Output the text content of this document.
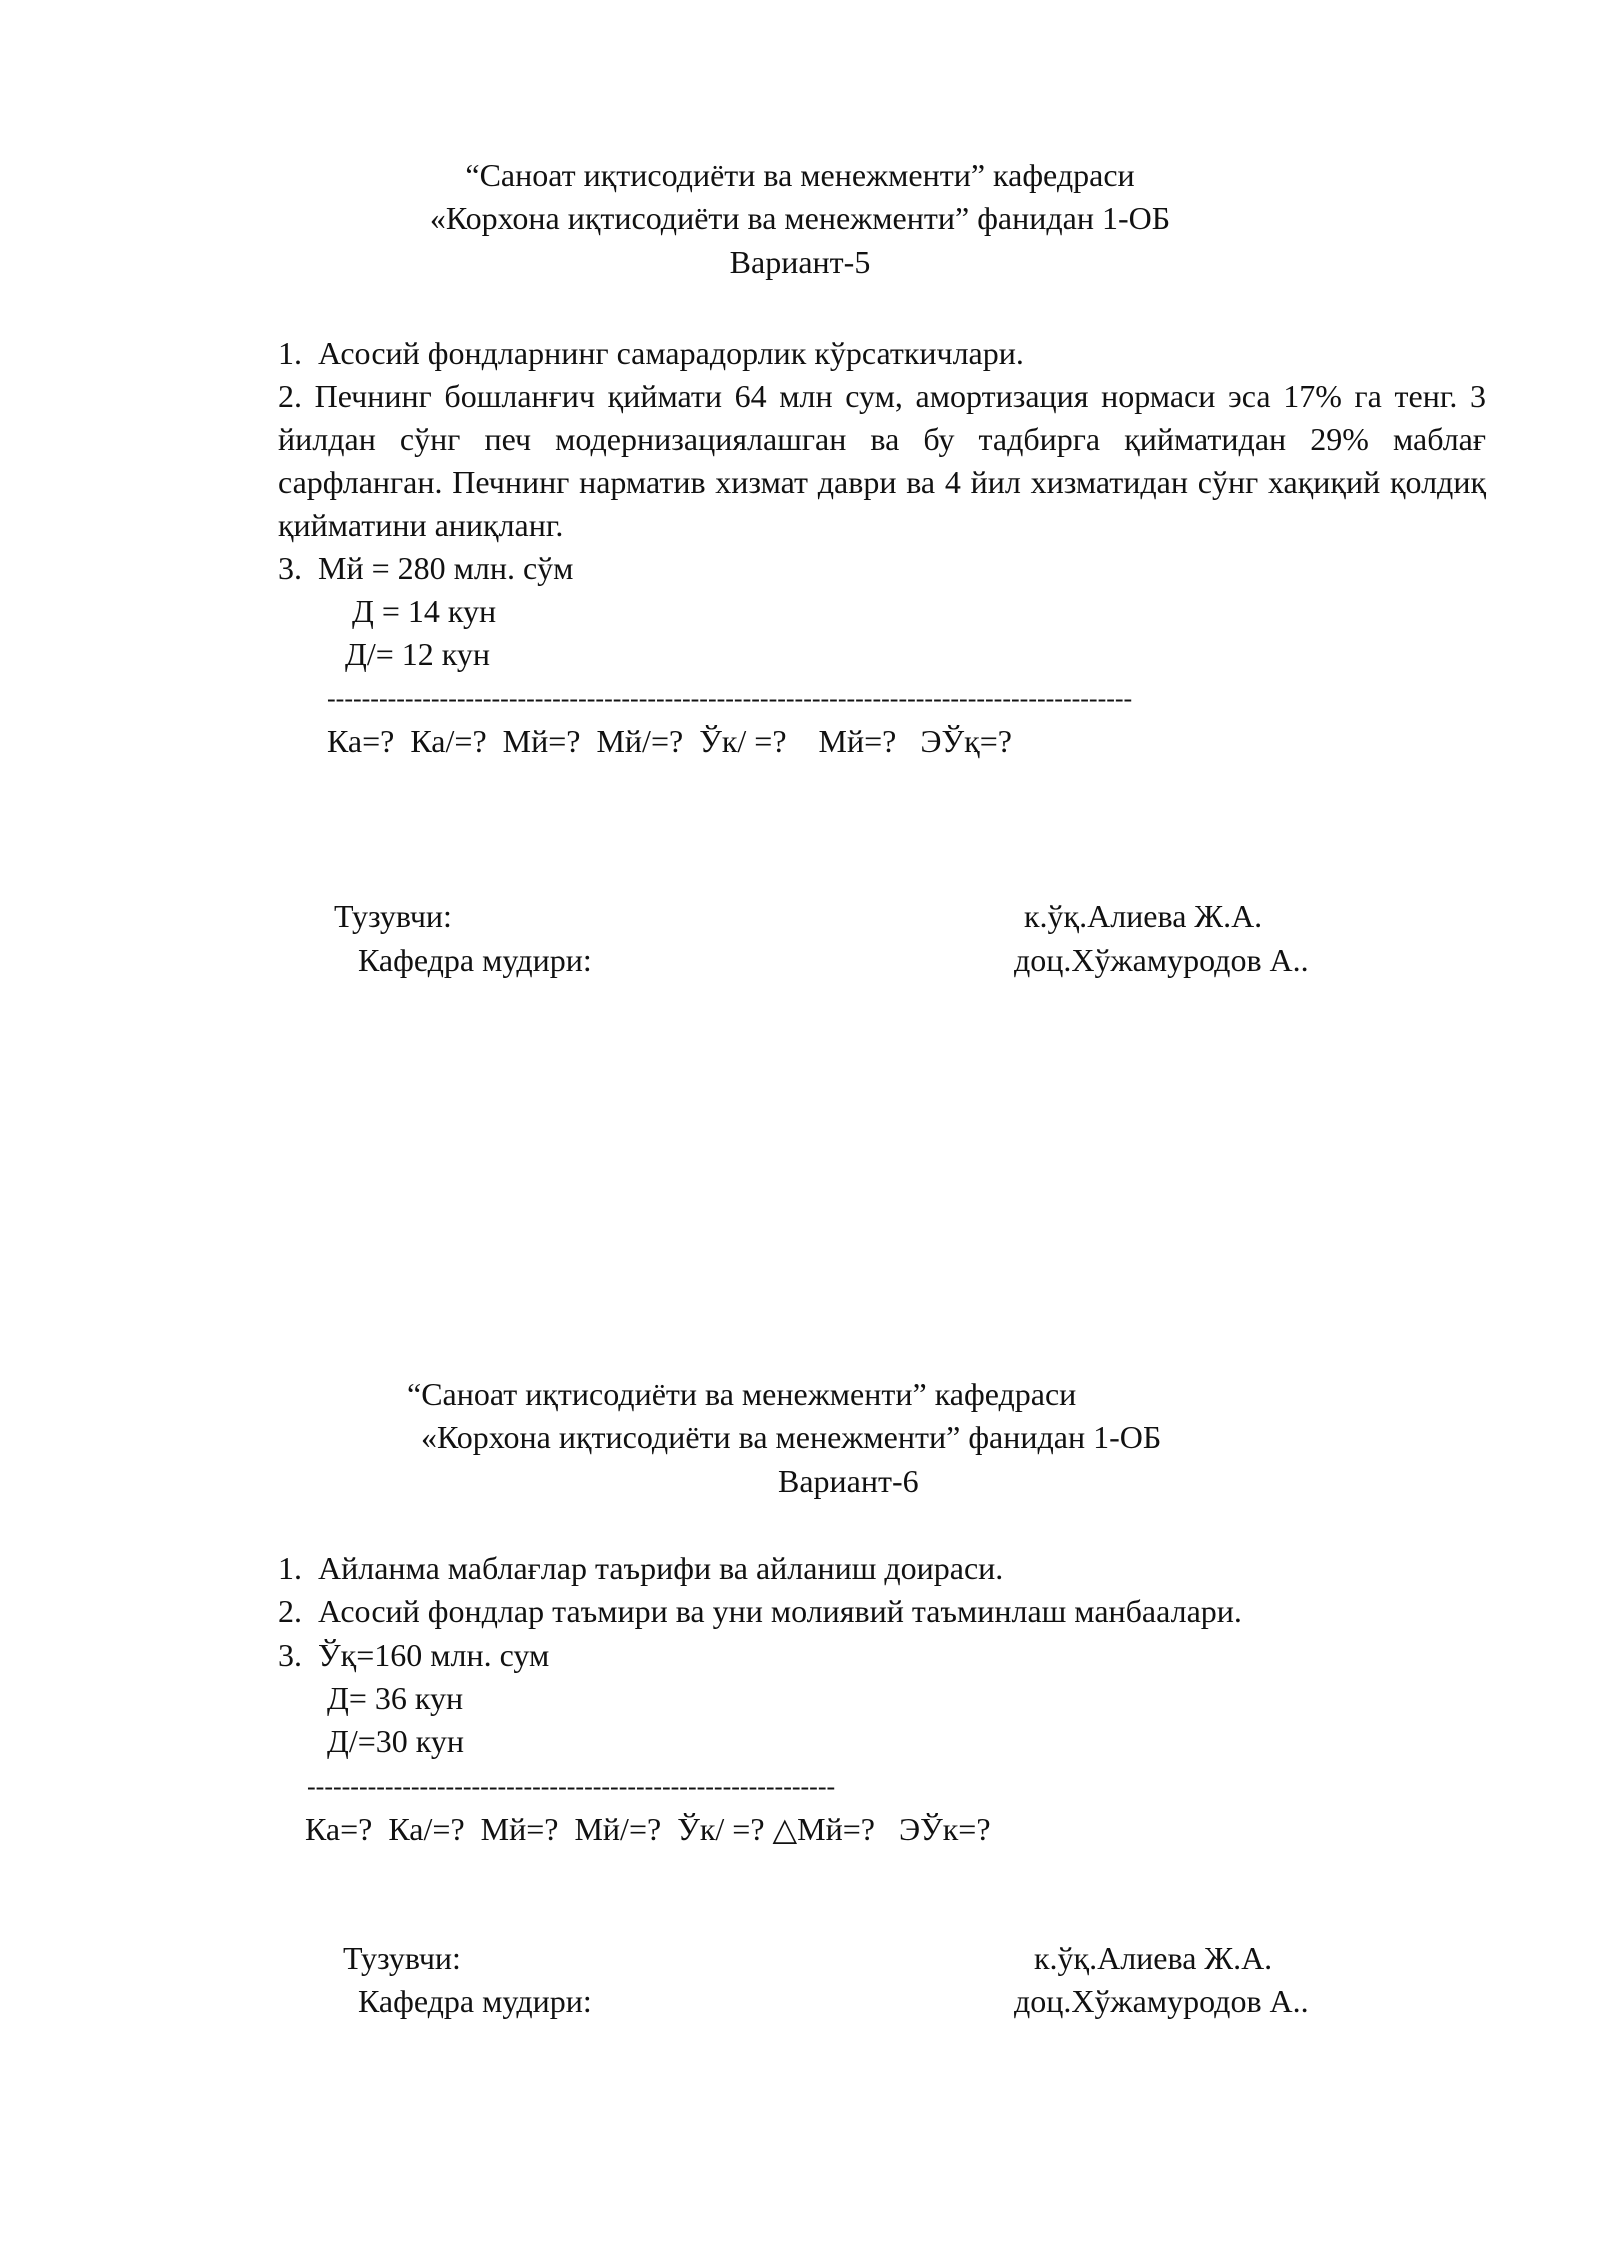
“Саноат иқтисодиёти ва менежменти” кафедраси
«Корхона иқтисодиёти ва менежменти” фанидан 1-ОБ
Вариант-5
1.  Асосий фондларнинг самарадорлик кўрсаткичлари.
2. Печнинг бошланғич қиймати 64 млн сум, амортизация нормаси эса 17% га тенг. 3 йилдан сўнг печ модернизациялашган ва бу тадбирга қийматидан 29% маблағ сарфланган. Печнинг нарматив хизмат даври ва 4 йил хизматидан сўнг хақиқий қолдиқ қийматини аниқланг.
3.  Мй = 280 млн. сўм
Д = 14 кун
Д/= 12 кун
---------------------------------------------------------------------------------------------
Ка=?  Ка/=?  Мй=?  Мй/=?  Ўк/ =?    Мй=?   ЭЎқ=?
Тузувчи:	к.ўқ.Алиева Ж.А.
Кафедра мудири:	доц.Хўжамуродов А..
“Саноат иқтисодиёти ва менежменти” кафедраси
«Корхона иқтисодиёти ва менежменти” фанидан 1-ОБ
Вариант-6
1.  Айланма маблағлар таърифи ва айланиш доираси.
2.  Асосий фондлар таъмири ва уни молиявий таъминлаш манбаалари.
3.  Ўқ=160 млн. сум
Д= 36 кун
Д/=30 кун
-------------------------------------------------------------
Ка=?  Ка/=?  Мй=?  Мй/=?  Ўк/ =? △Мй=?   ЭЎк=?
Тузувчи:	к.ўқ.Алиева Ж.А.
Кафедра мудири:	доц.Хўжамуродов А..
